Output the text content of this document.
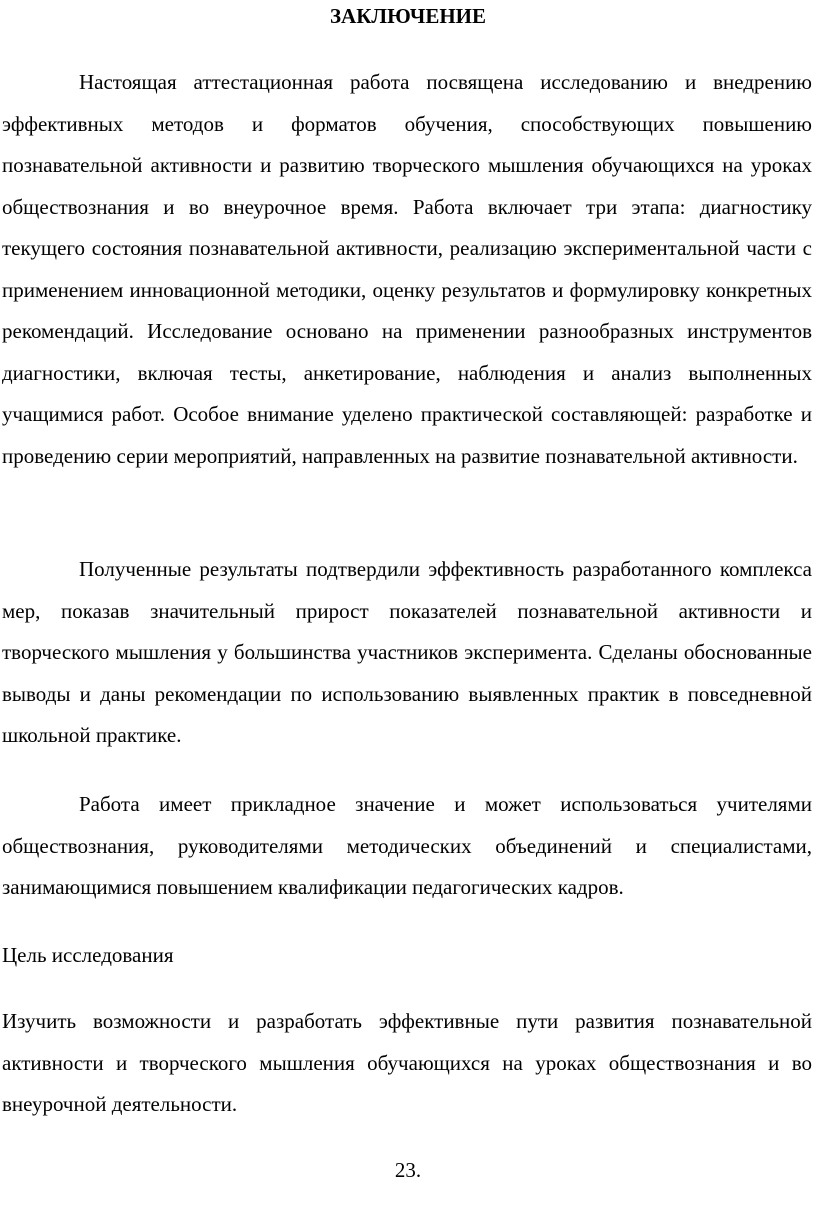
ЗАКЛЮЧЕНИЕ

Настоящая аттестационная работа посвящена исследованию и внедрению эффективных методов и форматов обучения, способствующих повышению познавательной активности и развитию творческого мышления обучающихся на уроках обществознания и во внеурочное время. Работа включает три этапа: диагностику текущего состояния познавательной активности, реализацию экспериментальной части с применением инновационной методики, оценку результатов и формулировку конкретных рекомендаций. Исследование основано на применении разнообразных инструментов диагностики, включая тесты, анкетирование, наблюдения и анализ выполненных учащимися работ. Особое внимание уделено практической составляющей: разработке и проведению серии мероприятий, направленных на развитие познавательной активности.

Полученные результаты подтвердили эффективность разработанного комплекса мер, показав значительный прирост показателей познавательной активности и творческого мышления у большинства участников эксперимента. Сделаны обоснованные выводы и даны рекомендации по использованию выявленных практик в повседневной школьной практике.

Работа имеет прикладное значение и может использоваться учителями обществознания, руководителями методических объединений и специалистами, занимающимися повышением квалификации педагогических кадров.

Цель исследования

Изучить возможности и разработать эффективные пути развития познавательной активности и творческого мышления обучающихся на уроках обществознания и во внеурочной деятельности.

23.
